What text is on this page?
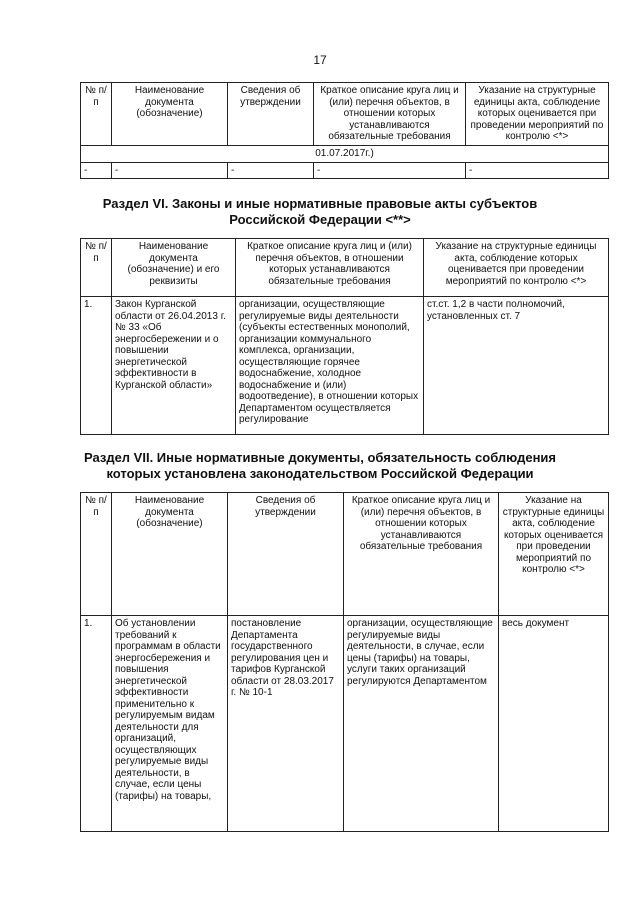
17
№ п/п	Наименование документа (обозначение)	Сведения об утверждении	Краткое описание круга лиц и (или) перечня объектов, в отношении которых устанавливаются обязательные требования	Указание на структурные единицы акта, соблюдение которых оценивается при проведении мероприятий по контролю <*>
01.07.2017г.)				
-	-	-	-	-
Раздел VI. Законы и иные нормативные правовые акты субъектов Российской Федерации <**>
№ п/п	Наименование документа (обозначение) и его реквизиты	Краткое описание круга лиц и (или) перечня объектов, в отношении которых устанавливаются обязательные требования	Указание на структурные единицы акта, соблюдение которых оценивается при проведении мероприятий по контролю <*>
1.	Закон Курганской области от 26.04.2013 г. № 33 «Об энергосбережении и о повышении энергетической эффективности в Курганской области»	организации, осуществляющие регулируемые виды деятельности (субъекты естественных монополий, организации коммунального комплекса, организации, осуществляющие горячее водоснабжение, холодное водоснабжение и (или) водоотведение), в отношении которых Департаментом осуществляется регулирование	ст.ст. 1,2 в части полномочий, установленных ст. 7
Раздел VII. Иные нормативные документы, обязательность соблюдения которых установлена законодательством Российской Федерации
№ п/п	Наименование документа (обозначение)	Сведения об утверждении	Краткое описание круга лиц и (или) перечня объектов, в отношении которых устанавливаются обязательные требования	Указание на структурные единицы акта, соблюдение которых оценивается при проведении мероприятий по контролю <*>
1.	Об установлении требований к программам в области энергосбережения и повышения энергетической эффективности применительно к регулируемым видам деятельности для организаций, осуществляющих регулируемые виды деятельности, в случае, если цены (тарифы) на товары,	постановление Департамента государственного регулирования цен и тарифов Курганской области от 28.03.2017 г. № 10-1	организации, осуществляющие регулируемые виды деятельности, в случае, если цены (тарифы) на товары, услуги таких организаций регулируются Департаментом	весь документ
